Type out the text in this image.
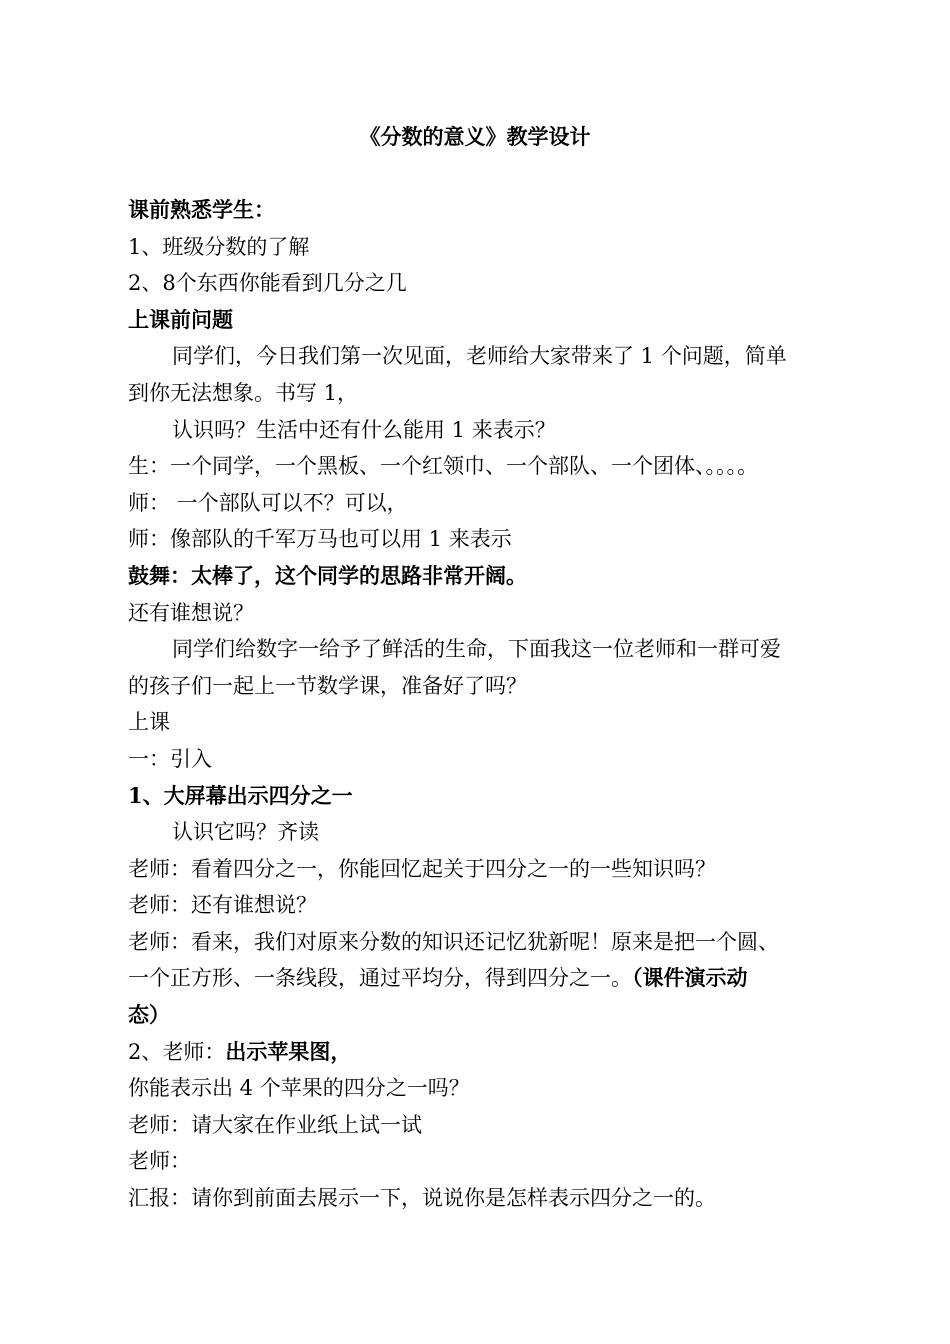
《分数的意义》教学设计
课前熟悉学生：
1、班级分数的了解
2、8个东西你能看到几分之几
上课前问题
同学们，今日我们第一次见面，老师给大家带来了 1 个问题，简单
到你无法想象。书写 1，
认识吗？生活中还有什么能用 1 来表示？
生：一个同学，一个黑板、一个红领巾、一个部队、一个团体、。。。。
师： 一个部队可以不？可以，
师：像部队的千军万马也可以用 1 来表示
鼓舞：太棒了，这个同学的思路非常开阔。
还有谁想说？
同学们给数字一给予了鲜活的生命，下面我这一位老师和一群可爱
的孩子们一起上一节数学课，准备好了吗？
上课
一：引入
1、大屏幕出示四分之一
认识它吗？齐读
老师：看着四分之一，你能回忆起关于四分之一的一些知识吗？
老师：还有谁想说？
老师：看来，我们对原来分数的知识还记忆犹新呢！原来是把一个圆、
一个正方形、一条线段，通过平均分，得到四分之一。（课件演示动
态）
2、老师：出示苹果图，
你能表示出 4 个苹果的四分之一吗？
老师：请大家在作业纸上试一试
老师：
汇报：请你到前面去展示一下，说说你是怎样表示四分之一的。
